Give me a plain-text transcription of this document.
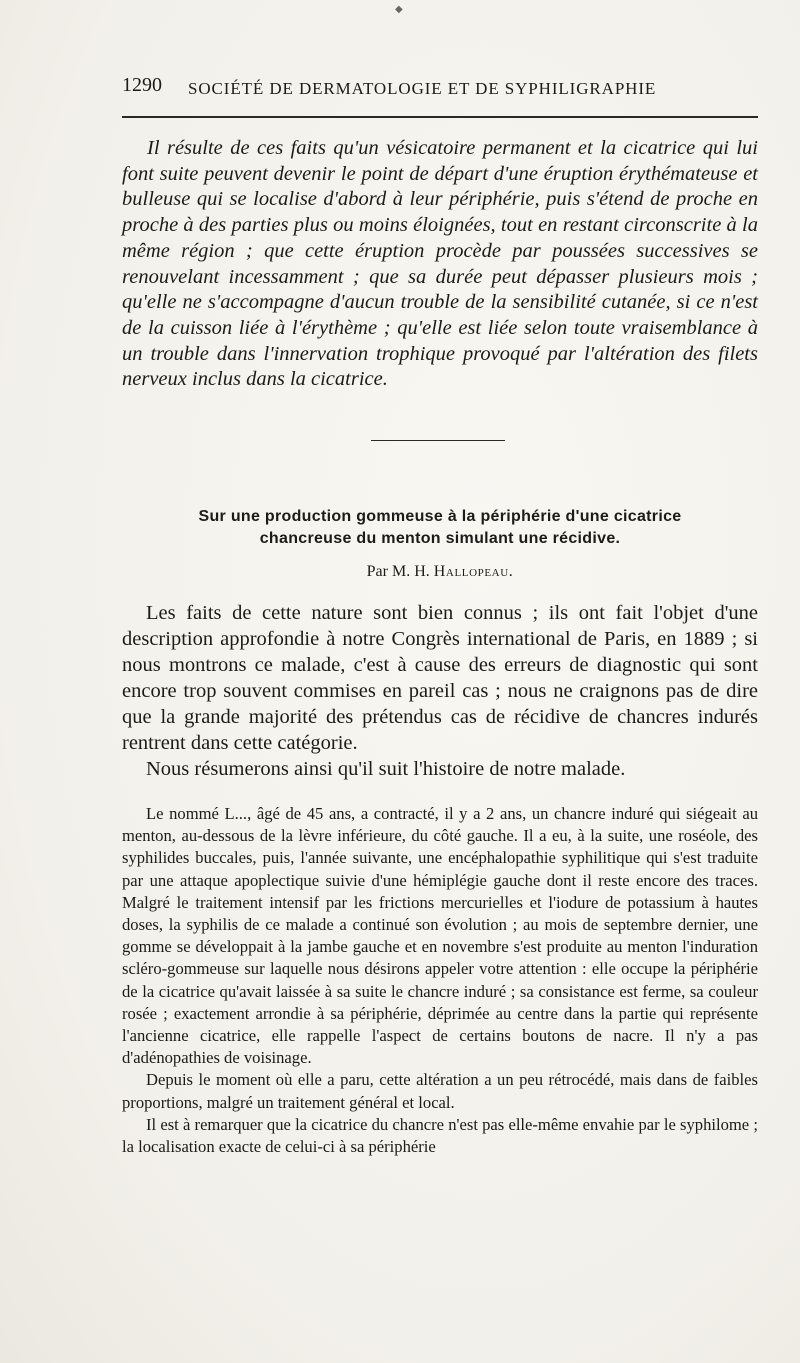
◆
1290 SOCIÉTÉ DE DERMATOLOGIE ET DE SYPHILIGRAPHIE
Il résulte de ces faits qu'un vésicatoire permanent et la cicatrice qui lui font suite peuvent devenir le point de départ d'une éruption érythémateuse et bulleuse qui se localise d'abord à leur périphérie, puis s'étend de proche en proche à des parties plus ou moins éloignées, tout en restant circonscrite à la même région ; que cette éruption procède par poussées successives se renouvelant incessamment ; que sa durée peut dépasser plusieurs mois ; qu'elle ne s'accompagne d'aucun trouble de la sensibilité cutanée, si ce n'est de la cuisson liée à l'érythème ; qu'elle est liée selon toute vraisemblance à un trouble dans l'innervation trophique provoqué par l'altération des filets nerveux inclus dans la cicatrice.
Sur une production gommeuse à la périphérie d'une cicatrice
chancreuse du menton simulant une récidive.
Par M. H. Hallopeau.

Les faits de cette nature sont bien connus ; ils ont fait l'objet d'une description approfondie à notre Congrès international de Paris, en 1889 ; si nous montrons ce malade, c'est à cause des erreurs de diagnostic qui sont encore trop souvent commises en pareil cas ; nous ne craignons pas de dire que la grande majorité des prétendus cas de récidive de chancres indurés rentrent dans cette catégorie.

Nous résumerons ainsi qu'il suit l'histoire de notre malade.

Le nommé L..., âgé de 45 ans, a contracté, il y a 2 ans, un chancre induré qui siégeait au menton, au-dessous de la lèvre inférieure, du côté gauche. Il a eu, à la suite, une roséole, des syphilides buccales, puis, l'année suivante, une encéphalopathie syphilitique qui s'est traduite par une attaque apoplectique suivie d'une hémiplégie gauche dont il reste encore des traces. Malgré le traitement intensif par les frictions mercurielles et l'iodure de potassium à hautes doses, la syphilis de ce malade a continué son évolution ; au mois de septembre dernier, une gomme se développait à la jambe gauche et en novembre s'est produite au menton l'induration scléro-gommeuse sur laquelle nous désirons appeler votre attention : elle occupe la périphérie de la cicatrice qu'avait laissée à sa suite le chancre induré ; sa consistance est ferme, sa couleur rosée ; exactement arrondie à sa périphérie, déprimée au centre dans la partie qui représente l'ancienne cicatrice, elle rappelle l'aspect de certains boutons de nacre. Il n'y a pas d'adénopathies de voisinage.

Depuis le moment où elle a paru, cette altération a un peu rétrocédé, mais dans de faibles proportions, malgré un traitement général et local.

Il est à remarquer que la cicatrice du chancre n'est pas elle-même envahie par le syphilome ; la localisation exacte de celui-ci à sa périphérie
